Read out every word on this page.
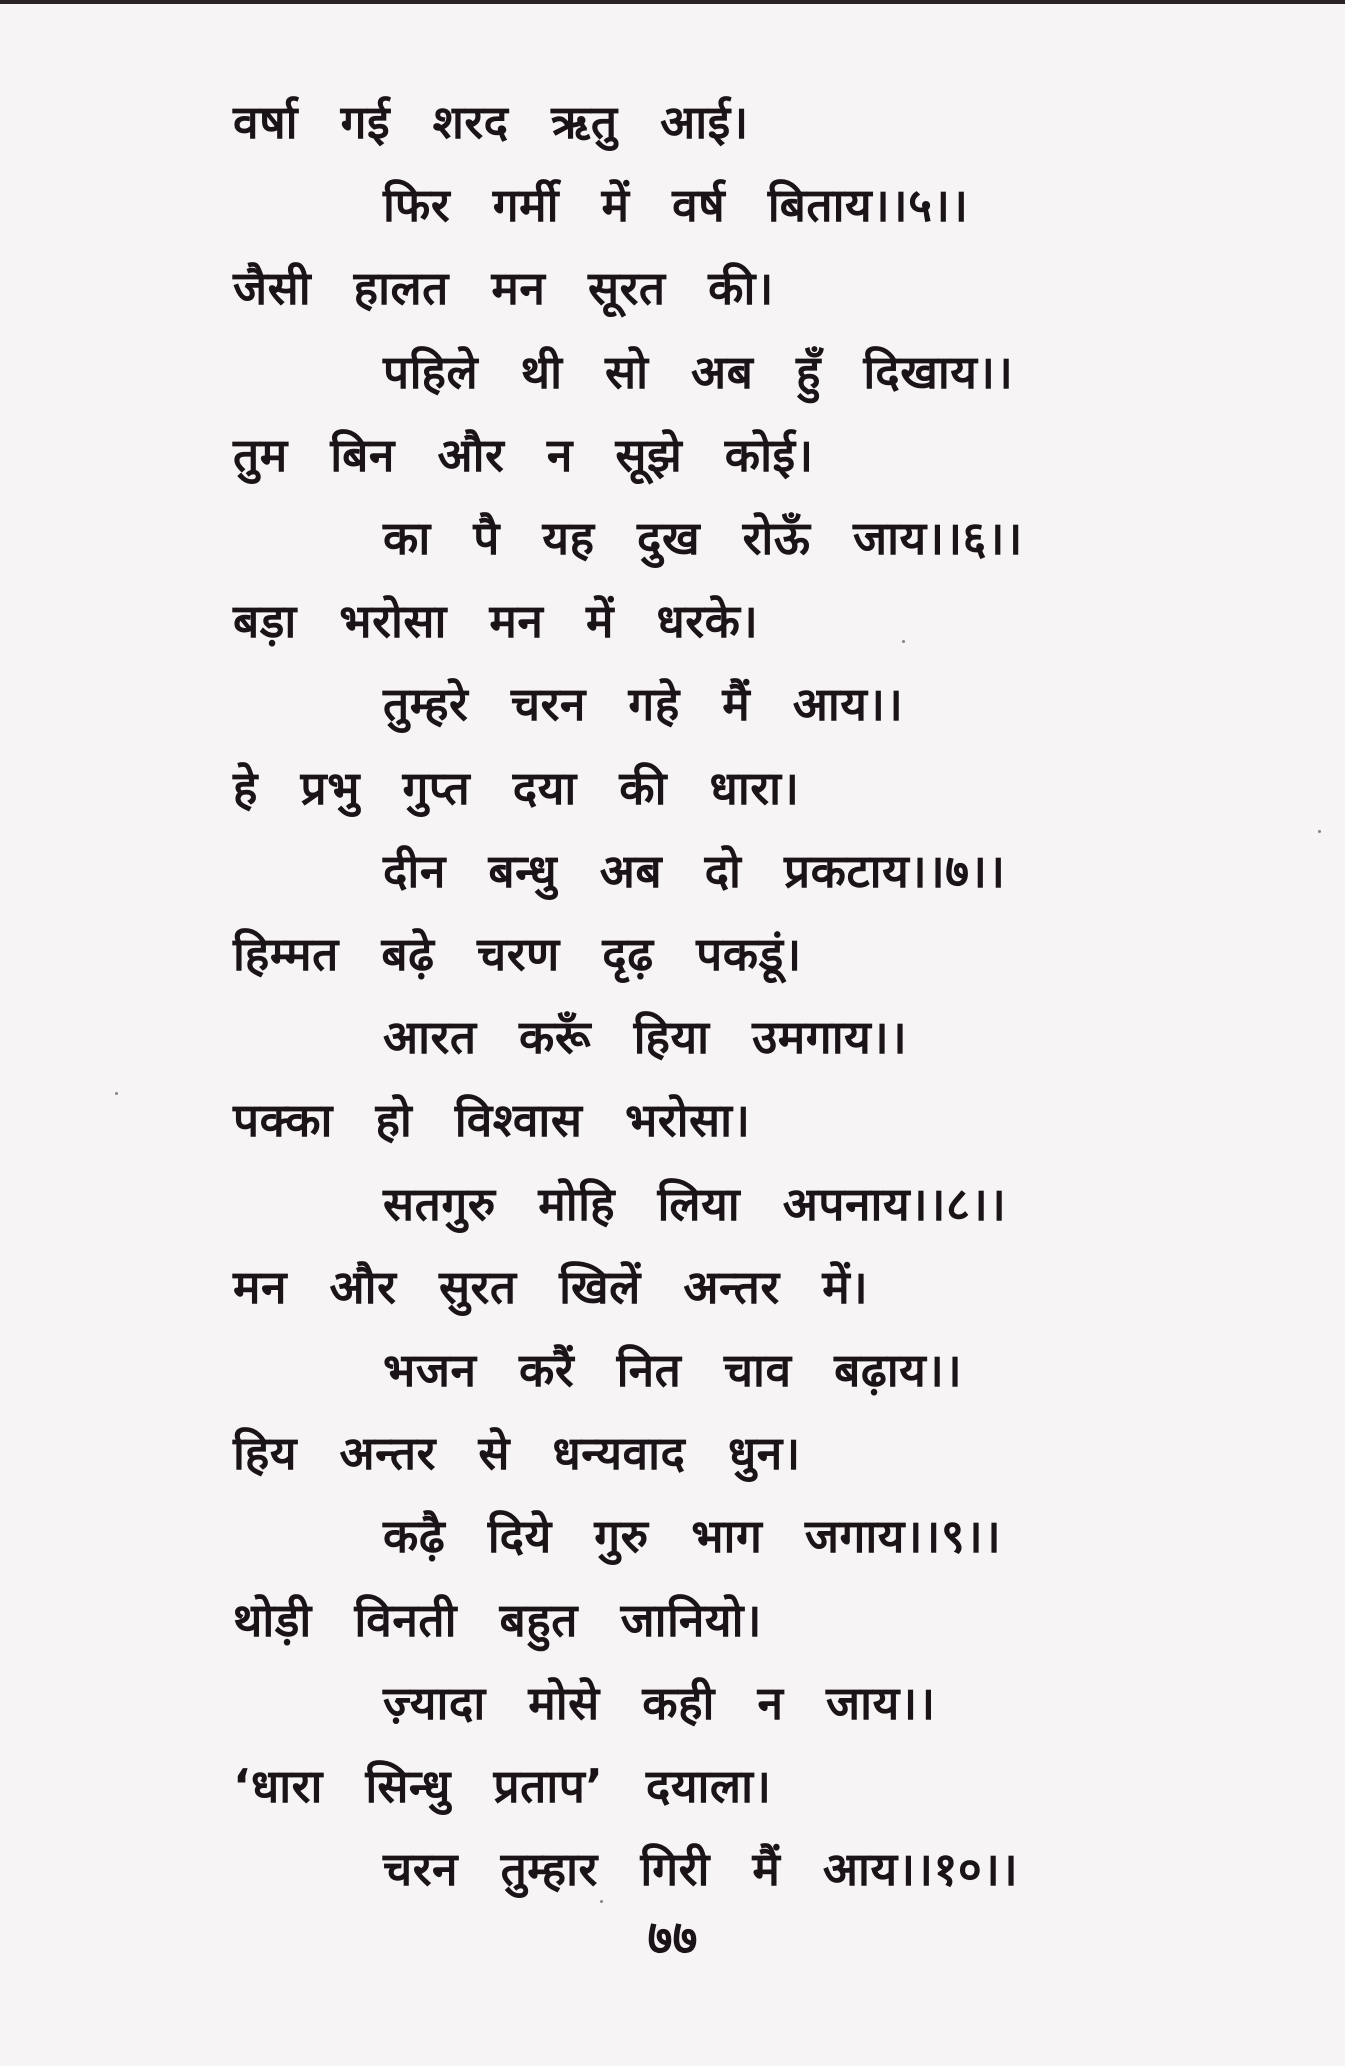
वर्षा गई शरद ऋतु आई।
फिर गर्मी में वर्ष बिताय।।५।।
जैसी हालत मन सूरत की।
पहिले थी सो अब हुँ दिखाय।।
तुम बिन और न सूझे कोई।
का पै यह दुख रोऊँ जाय।।६।।
बड़ा भरोसा मन में धरके।
तुम्हरे चरन गहे मैं आय।।
हे प्रभु गुप्त दया की धारा।
दीन बन्धु अब दो प्रकटाय।।७।।
हिम्मत बढ़े चरण दृढ़ पकडूं।
आरत करूँ हिया उमगाय।।
पक्का हो विश्वास भरोसा।
सतगुरु मोहि लिया अपनाय।।८।।
मन और सुरत खिलें अन्तर में।
भजन करैं नित चाव बढ़ाय।।
हिय अन्तर से धन्यवाद धुन।
कढ़ै दिये गुरु भाग जगाय।।९।।
थोड़ी विनती बहुत जानियो।
ज़्यादा मोसे कही न जाय।।
‘धारा सिन्धु प्रताप’ दयाला।
चरन तुम्हार गिरी मैं आय।।१०।।
७७
